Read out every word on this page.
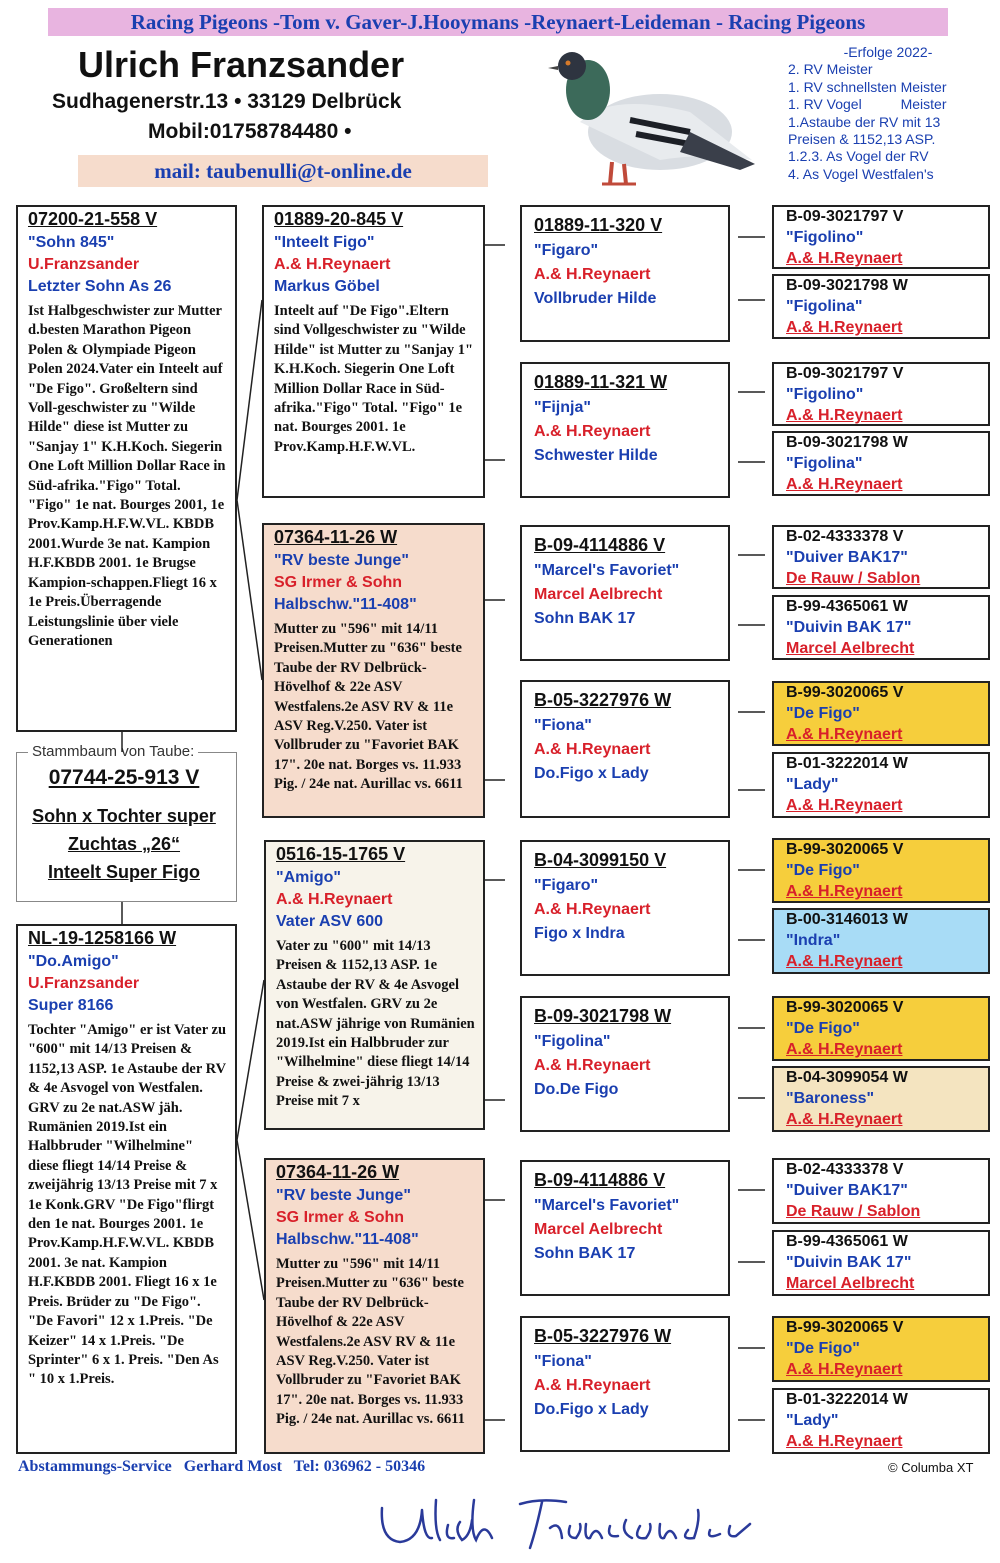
Racing Pigeons -Tom v. Gaver-J.Hooymans -Reynaert-Leideman - Racing Pigeons
Ulrich Franzsander
Sudhagenerstr.13 • 33129 Delbrück
Mobil:01758784480 •
mail: taubenulli@t-online.de
-Erfolge 2022-
2. RV Meister
1. RV schnellsten Meister
1. RV Vogel          Meister
1.Astaube der RV mit 13
Preisen & 1152,13 ASP.
1.2.3. As Vogel der RV
4. As Vogel Westfalen's
07200-21-558 V
"Sohn 845"
U.Franzsander
Letzter Sohn As 26
Ist Halbgeschwister zur Mutter d.besten Marathon Pigeon Polen & Olympiade Pigeon Polen 2024.Vater ein Inteelt auf "De Figo". Großeltern sind Voll-geschwister zu "Wilde Hilde" diese ist Mutter zu "Sanjay 1" K.H.Koch. Siegerin One Loft Million Dollar Race in Süd-afrika."Figo" Total. "Figo" 1e nat. Bourges 2001, 1e Prov.Kamp.H.F.W.VL. KBDB 2001.Wurde 3e nat. Kampion H.F.KBDB 2001. 1e Brugse Kampion-schappen.Fliegt 16 x 1e Preis.Überragende Leistungslinie über viele Generationen
Stammbaum von Taube:
07744-25-913 V
Sohn x Tochter super
Zuchtas „26“
Inteelt Super Figo
NL-19-1258166 W
"Do.Amigo"
U.Franzsander
Super 8166
Tochter "Amigo" er ist Vater zu "600" mit 14/13 Preisen & 1152,13 ASP. 1e Astaube der RV & 4e Asvogel von Westfalen. GRV zu 2e nat.ASW jäh. Rumänien 2019.Ist ein Halbbruder "Wilhelmine" diese fliegt 14/14 Preise & zweijährig 13/13 Preise mit 7 x 1e Konk.GRV "De Figo"flirgt den 1e nat. Bourges 2001. 1e Prov.Kamp.H.F.W.VL. KBDB 2001. 3e nat. Kampion H.F.KBDB 2001. Fliegt 16 x 1e Preis. Brüder zu "De Figo". "De Favori" 12 x 1.Preis. "De Keizer" 14 x 1.Preis. "De Sprinter" 6 x 1. Preis. "Den As " 10 x 1.Preis.
01889-20-845 V
"Inteelt Figo"
A.& H.Reynaert
Markus Göbel
Inteelt auf "De Figo".Eltern sind Vollgeschwister zu "Wilde Hilde" ist Mutter zu "Sanjay 1" K.H.Koch. Siegerin One Loft Million Dollar Race in Süd-afrika."Figo" Total. "Figo" 1e nat. Bourges 2001. 1e Prov.Kamp.H.F.W.VL.
07364-11-26 W
"RV beste Junge"
SG Irmer & Sohn
Halbschw."11-408"
Mutter zu "596" mit 14/11 Preisen.Mutter zu "636" beste Taube der RV Delbrück-Hövelhof & 22e ASV Westfalens.2e ASV RV & 11e ASV Reg.V.250. Vater ist Vollbruder zu "Favoriet BAK 17". 20e nat. Borges vs. 11.933 Pig. / 24e nat. Aurillac vs. 6611
0516-15-1765 V
"Amigo"
A.& H.Reynaert
Vater ASV 600
Vater zu "600" mit 14/13 Preisen & 1152,13 ASP. 1e Astaube der RV & 4e Asvogel von Westfalen. GRV zu 2e nat.ASW jährige von Rumänien 2019.Ist ein Halbbruder zur "Wilhelmine" diese fliegt 14/14 Preise & zwei-jährig 13/13 Preise mit 7 x
07364-11-26 W
"RV beste Junge"
SG Irmer & Sohn
Halbschw."11-408"
Mutter zu "596" mit 14/11 Preisen.Mutter zu "636" beste Taube der RV Delbrück-Hövelhof & 22e ASV Westfalens.2e ASV RV & 11e ASV Reg.V.250. Vater ist Vollbruder zu "Favoriet BAK 17". 20e nat. Borges vs. 11.933 Pig. / 24e nat. Aurillac vs. 6611
01889-11-320 V
"Figaro"
A.& H.Reynaert
Vollbruder Hilde
01889-11-321 W
"Fijnja"
A.& H.Reynaert
Schwester Hilde
B-09-4114886 V
"Marcel's Favoriet"
Marcel Aelbrecht
Sohn BAK 17
B-05-3227976 W
"Fiona"
A.& H.Reynaert
Do.Figo x Lady
B-04-3099150 V
"Figaro"
A.& H.Reynaert
Figo x Indra
B-09-3021798 W
"Figolina"
A.& H.Reynaert
Do.De Figo
B-09-4114886 V
"Marcel's Favoriet"
Marcel Aelbrecht
Sohn BAK 17
B-05-3227976 W
"Fiona"
A.& H.Reynaert
Do.Figo x Lady
B-09-3021797 V
"Figolino"
A.& H.Reynaert
B-09-3021798 W
"Figolina"
A.& H.Reynaert
B-09-3021797 V
"Figolino"
A.& H.Reynaert
B-09-3021798 W
"Figolina"
A.& H.Reynaert
B-02-4333378 V
"Duiver BAK17"
De Rauw / Sablon
B-99-4365061 W
"Duivin BAK 17"
Marcel Aelbrecht
B-99-3020065 V
"De Figo"
A.& H.Reynaert
B-01-3222014 W
"Lady"
A.& H.Reynaert
B-99-3020065 V
"De Figo"
A.& H.Reynaert
B-00-3146013 W
"Indra"
A.& H.Reynaert
B-99-3020065 V
"De Figo"
A.& H.Reynaert
B-04-3099054 W
"Baroness"
A.& H.Reynaert
B-02-4333378 V
"Duiver BAK17"
De Rauw / Sablon
B-99-4365061 W
"Duivin BAK 17"
Marcel Aelbrecht
B-99-3020065 V
"De Figo"
A.& H.Reynaert
B-01-3222014 W
"Lady"
A.& H.Reynaert
Abstammungs-Service   Gerhard Most   Tel: 036962 - 50346	© Columba XT
